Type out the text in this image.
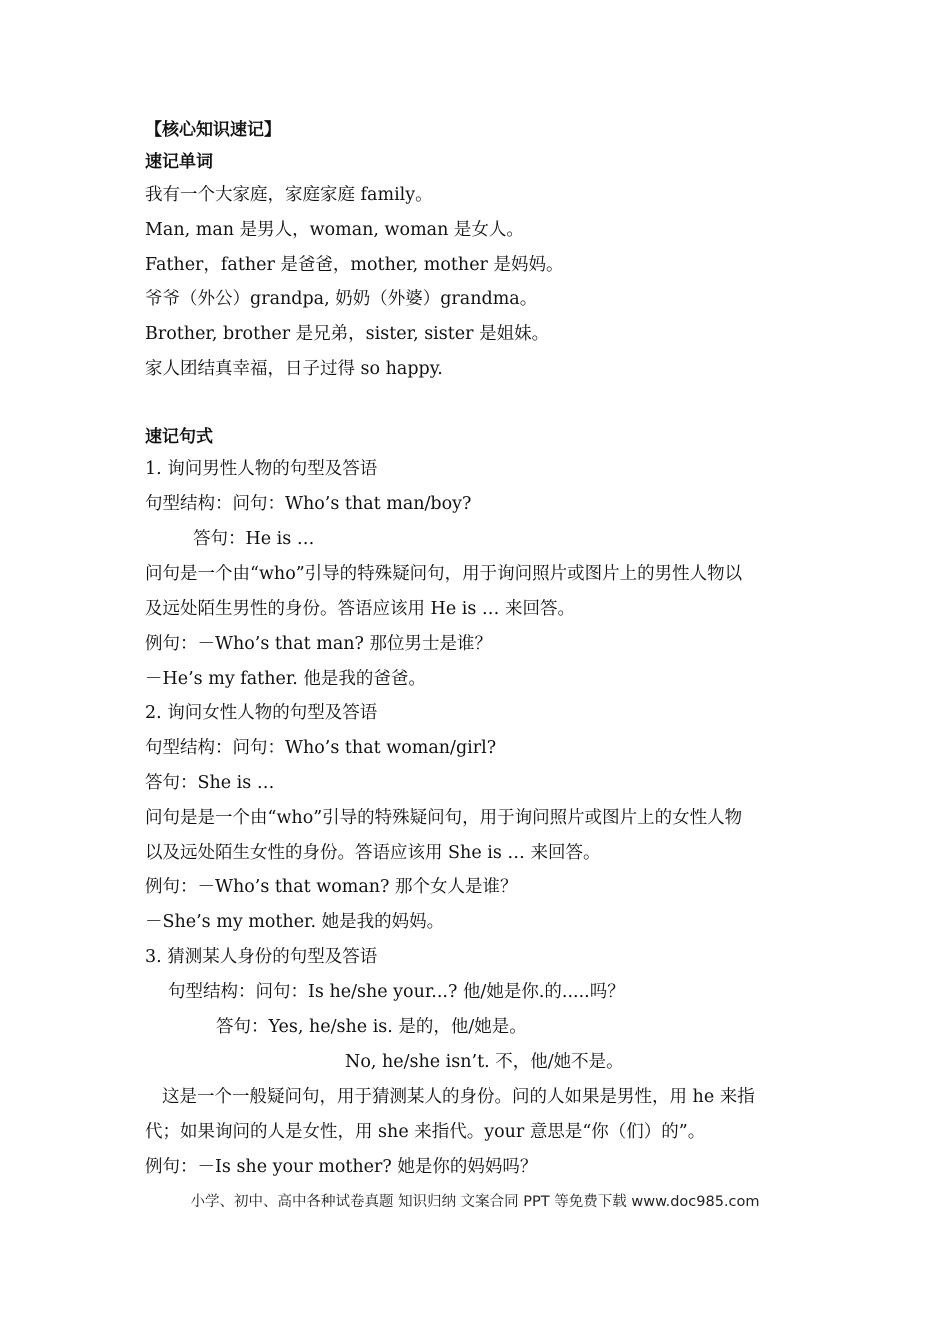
【核心知识速记】
速记单词
我有一个大家庭，家庭家庭 family。
Man, man 是男人，woman, woman 是女人。
Father，father 是爸爸，mother, mother 是妈妈。
爷爷（外公）grandpa, 奶奶（外婆）grandma。
Brother, brother 是兄弟，sister, sister 是姐妹。
家人团结真幸福，日子过得 so happy.
速记句式
1. 询问男性人物的句型及答语
句型结构：问句：Who’s that man/boy?
答句：He is …
问句是一个由“who”引导的特殊疑问句，用于询问照片或图片上的男性人物以
及远处陌生男性的身份。答语应该用 He is … 来回答。
例句：－Who’s that man? 那位男士是谁？
－He’s my father. 他是我的爸爸。
2. 询问女性人物的句型及答语
句型结构：问句：Who’s that woman/girl?
答句：She is …
问句是是一个由“who”引导的特殊疑问句，用于询问照片或图片上的女性人物
以及远处陌生女性的身份。答语应该用 She is … 来回答。
例句：－Who’s that woman? 那个女人是谁？
－She’s my mother. 她是我的妈妈。
3. 猜测某人身份的句型及答语
句型结构：问句：Is he/she your...? 他/她是你.的.....吗？
答句：Yes, he/she is. 是的，他/她是。
No, he/she isn’t. 不，他/她不是。
这是一个一般疑问句，用于猜测某人的身份。问的人如果是男性，用 he 来指
代；如果询问的人是女性，用 she 来指代。your 意思是“你（们）的”。
例句：－Is she your mother? 她是你的妈妈吗？
小学、初中、高中各种试卷真题 知识归纳 文案合同 PPT 等免费下载 www.doc985.com
